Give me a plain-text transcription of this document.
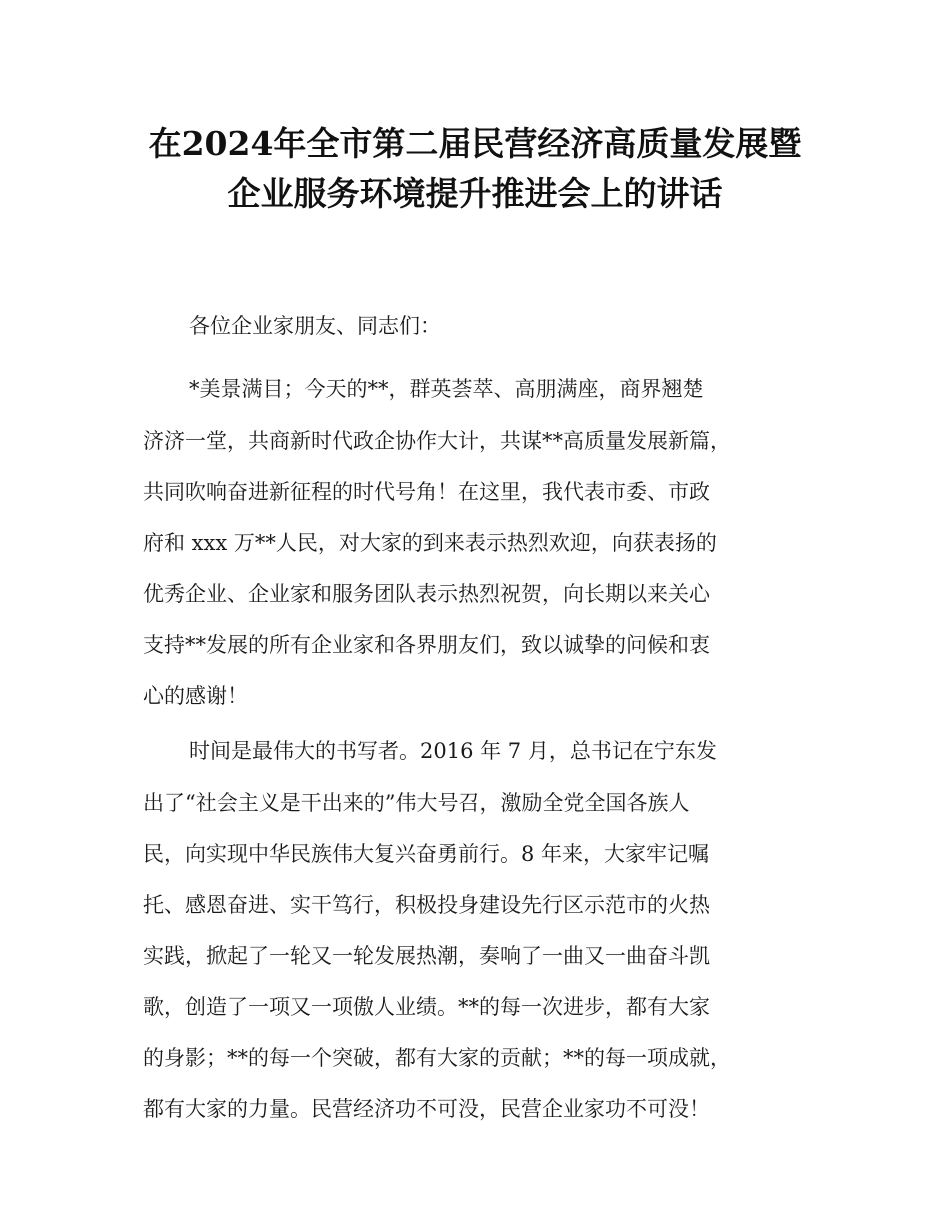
在2024年全市第二届民营经济高质量发展暨
企业服务环境提升推进会上的讲话
各位企业家朋友、同志们：
*美景满目；今天的**，群英荟萃、高朋满座，商界翘楚
济济一堂，共商新时代政企协作大计，共谋**高质量发展新篇，
共同吹响奋进新征程的时代号角！在这里，我代表市委、市政
府和 xxx 万**人民，对大家的到来表示热烈欢迎，向获表扬的
优秀企业、企业家和服务团队表示热烈祝贺，向长期以来关心
支持**发展的所有企业家和各界朋友们，致以诚挚的问候和衷
心的感谢！
时间是最伟大的书写者。2016 年 7 月，总书记在宁东发
出了“社会主义是干出来的”伟大号召，激励全党全国各族人
民，向实现中华民族伟大复兴奋勇前行。8 年来，大家牢记嘱
托、感恩奋进、实干笃行，积极投身建设先行区示范市的火热
实践，掀起了一轮又一轮发展热潮，奏响了一曲又一曲奋斗凯
歌，创造了一项又一项傲人业绩。**的每一次进步，都有大家
的身影；**的每一个突破，都有大家的贡献；**的每一项成就，
都有大家的力量。民营经济功不可没，民营企业家功不可没！
